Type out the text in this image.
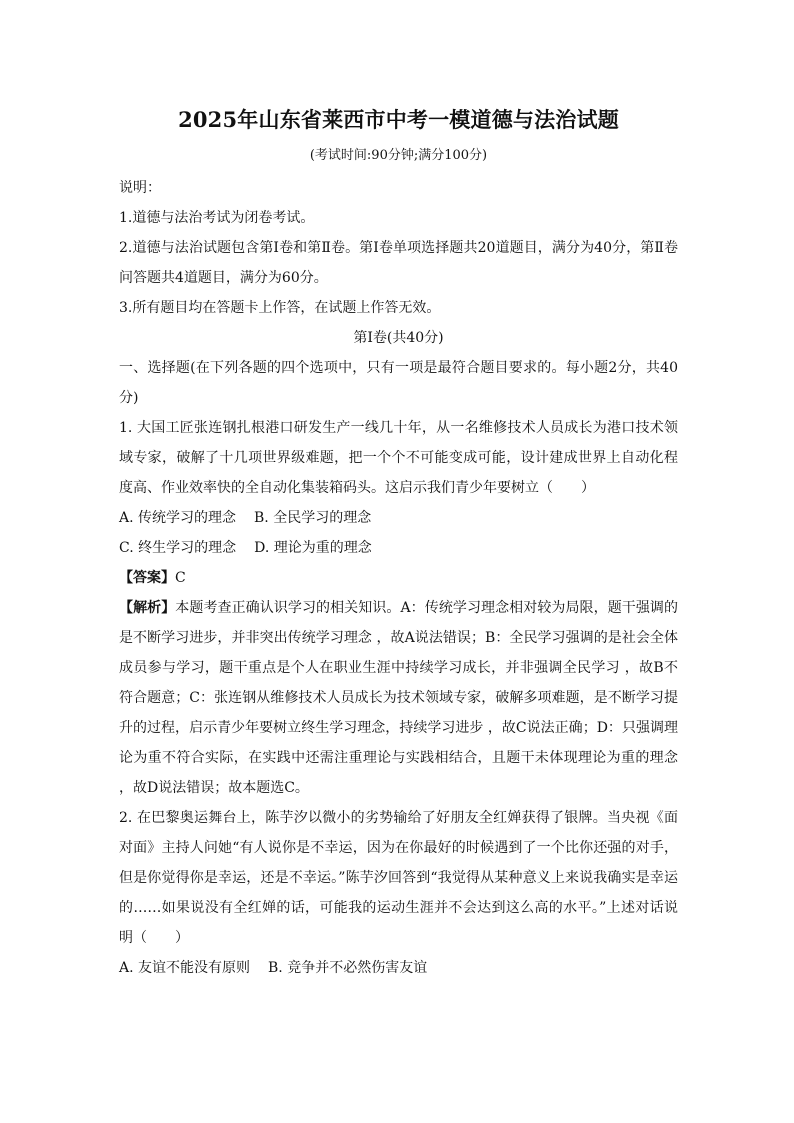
2025年山东省莱西市中考一模道德与法治试题

(考试时间:90分钟;满分100分)

说明：

1.道德与法治考试为闭卷考试。

2.道德与法治试题包含第Ⅰ卷和第Ⅱ卷。第Ⅰ卷单项选择题共20道题目，满分为40分，第Ⅱ卷问答题共4道题目，满分为60分。

3.所有题目均在答题卡上作答，在试题上作答无效。

第Ⅰ卷(共40分)

一、选择题(在下列各题的四个选项中，只有一项是最符合题目要求的。每小题2分，共40分)

1. 大国工匠张连钢扎根港口研发生产一线几十年，从一名维修技术人员成长为港口技术领域专家，破解了十几项世界级难题，把一个个不可能变成可能，设计建成世界上自动化程度高、作业效率快的全自动化集装箱码头。这启示我们青少年要树立（　　）

A. 传统学习的理念 B. 全民学习的理念
C. 终生学习的理念 D. 理论为重的理念

【答案】C

【解析】本题考查正确认识学习的相关知识。A：传统学习理念相对较为局限，题干强调的是不断学习进步，并非突出传统学习理念 ，故A说法错误；B：全民学习强调的是社会全体成员参与学习，题干重点是个人在职业生涯中持续学习成长，并非强调全民学习 ，故B不符合题意；C：张连钢从维修技术人员成长为技术领域专家，破解多项难题，是不断学习提升的过程，启示青少年要树立终生学习理念，持续学习进步 ，故C说法正确；D：只强调理论为重不符合实际，在实践中还需注重理论与实践相结合，且题干未体现理论为重的理念 ，故D说法错误；故本题选C。

2. 在巴黎奥运舞台上，陈芋汐以微小的劣势输给了好朋友全红婵获得了银牌。当央视《面对面》主持人问她“有人说你是不幸运，因为在你最好的时候遇到了一个比你还强的对手，但是你觉得你是幸运，还是不幸运。”陈芋汐回答到“我觉得从某种意义上来说我确实是幸运的……如果说没有全红婵的话，可能我的运动生涯并不会达到这么高的水平。”上述对话说明（　　）

A. 友谊不能没有原则 B. 竞争并不必然伤害友谊
